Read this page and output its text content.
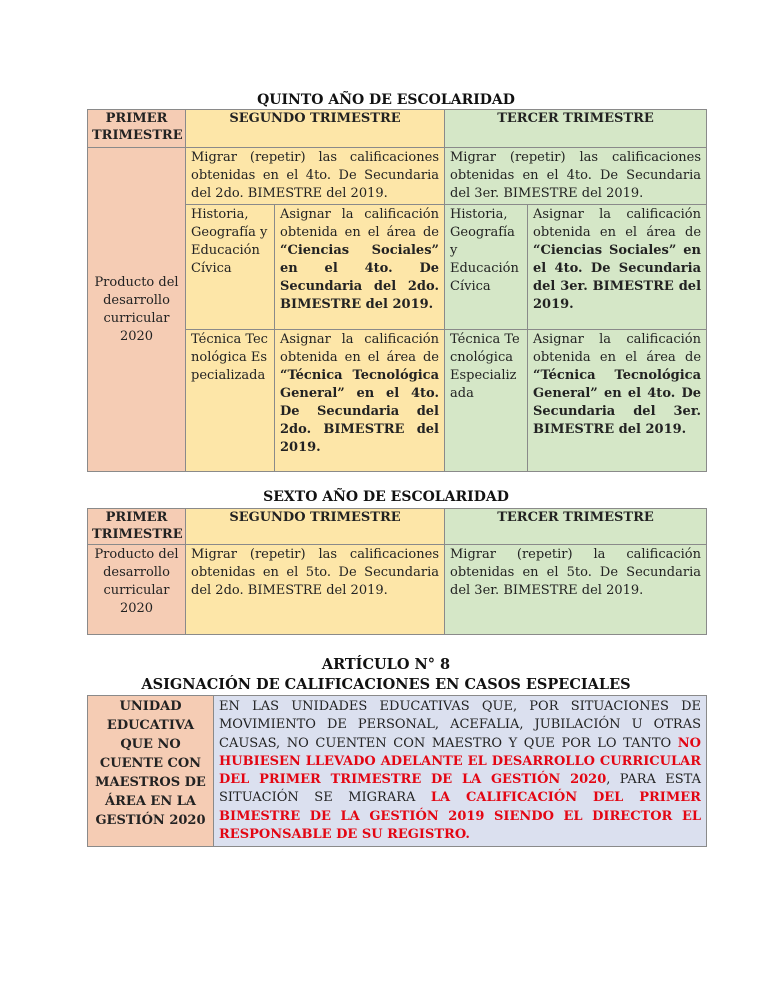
QUINTO AÑO DE ESCOLARIDAD
PRIMER TRIMESTRE	SEGUNDO TRIMESTRE		TERCER TRIMESTRE	
Producto del desarrollo curricular 2020	Migrar (repetir) las calificaciones obtenidas en el 4to. De Secundaria del 2do. BIMESTRE del 2019.		Migrar (repetir) las calificaciones obtenidas en el 4to. De Secundaria del 3er. BIMESTRE del 2019.	
	Historia, Geografía y Educación Cívica	Asignar la calificación obtenida en el área de “Ciencias Sociales” en el 4to. De Secundaria del 2do. BIMESTRE del 2019.	Historia, Geografía y Educación Cívica	Asignar la calificación obtenida en el área de “Ciencias Sociales” en el 4to. De Secundaria del 3er. BIMESTRE del 2019.
	Técnica Tecnológica Especializada	Asignar la calificación obtenida en el área de “Técnica Tecnológica General” en el 4to. De Secundaria del 2do. BIMESTRE del 2019.	Técnica Tecnológica Especializada	Asignar la calificación obtenida en el área de “Técnica Tecnológica General” en el 4to. De Secundaria del 3er. BIMESTRE del 2019.
SEXTO AÑO DE ESCOLARIDAD
PRIMER TRIMESTRE	SEGUNDO TRIMESTRE	TERCER TRIMESTRE
Producto del desarrollo curricular 2020	Migrar (repetir) las calificaciones obtenidas en el 5to. De Secundaria del 2do. BIMESTRE del 2019.	Migrar (repetir) la calificación obtenidas en el 5to. De Secundaria del 3er. BIMESTRE del 2019.
ARTÍCULO N° 8
ASIGNACIÓN DE CALIFICACIONES EN CASOS ESPECIALES
UNIDAD EDUCATIVA QUE NO CUENTE CON MAESTROS DE ÁREA EN LA GESTIÓN 2020	EN LAS UNIDADES EDUCATIVAS QUE, POR SITUACIONES DE MOVIMIENTO DE PERSONAL, ACEFALIA, JUBILACIÓN U OTRAS CAUSAS, NO CUENTEN CON MAESTRO Y QUE POR LO TANTO NO HUBIESEN LLEVADO ADELANTE EL DESARROLLO CURRICULAR DEL PRIMER TRIMESTRE DE LA GESTIÓN 2020, PARA ESTA SITUACIÓN SE MIGRARA LA CALIFICACIÓN DEL PRIMER BIMESTRE DE LA GESTIÓN 2019 SIENDO EL DIRECTOR EL RESPONSABLE DE SU REGISTRO.
